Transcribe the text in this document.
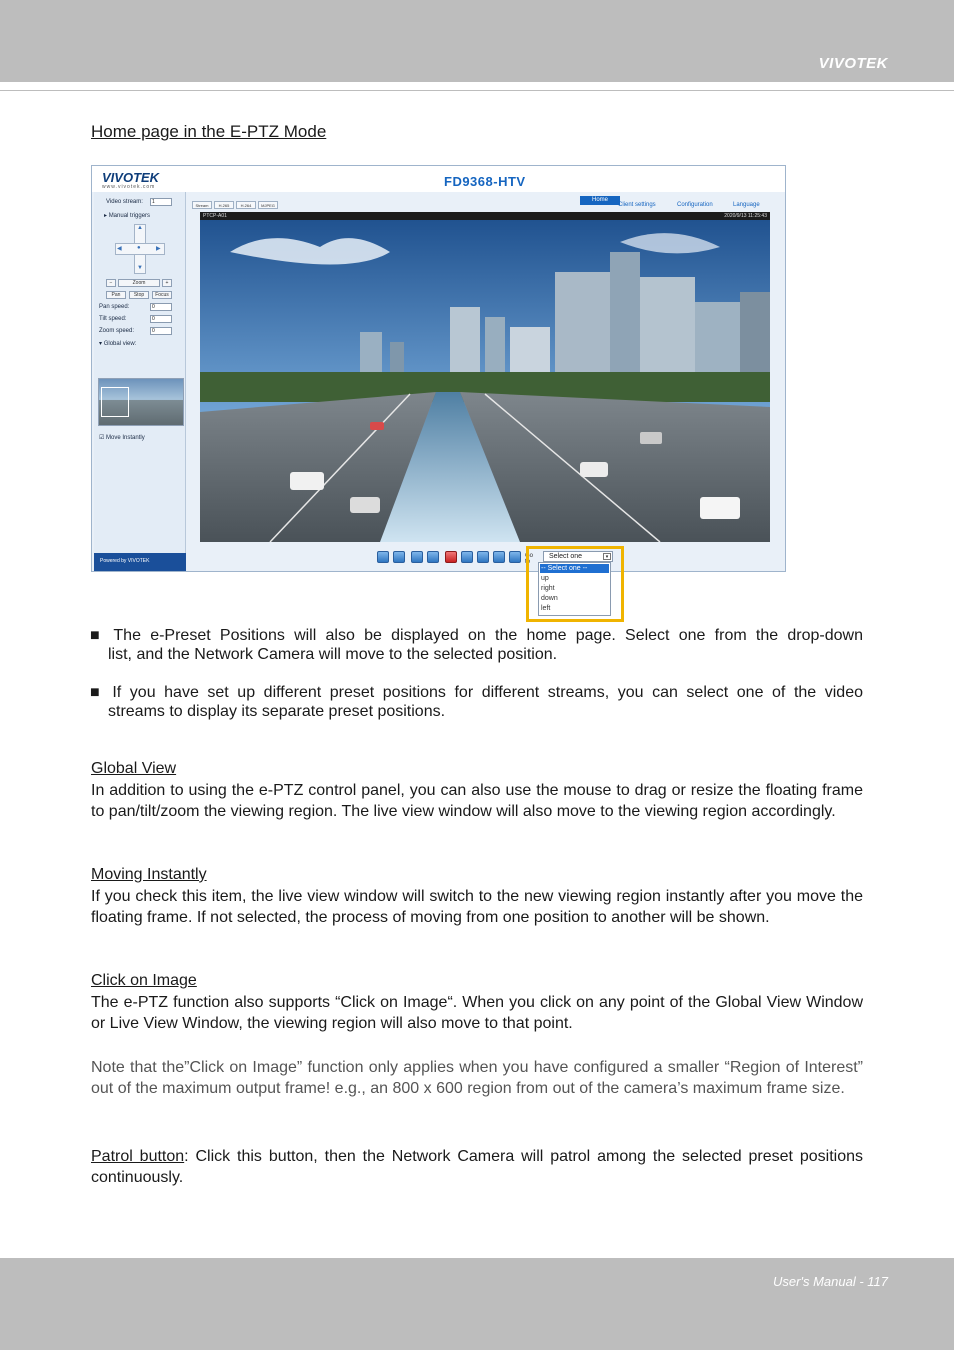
VIVOTEK
Home page in the E-PTZ Mode
VIVOTEK
www.vivotek.com	FD9368-HTV
Video stream:	1
▸ Manual triggers
▲
▼
◀	▶
●
−	Zoom	+
Pan	Stop	Focus
Pan speed:	0
Tilt speed:	0
Zoom speed:	0
▾ Global view:
☑ Move Instantly
Powered by VIVOTEK
Stream	H.265	H.264	MJPEG
Home
Client settings	Configuration	Language
PTCP-A01	2020/9/13 11:25:43
Go to
Select one	▾
-- Select one --
up
right
down
left
■ The e-Preset Positions will also be displayed on the home page. Select one from the drop-down
list, and the Network Camera will move to the selected position.
■ If you have set up different preset positions for different streams, you can select one of the video
streams to display its separate preset positions.
Global View
In addition to using the e-PTZ control panel, you can also use the mouse to drag or resize the floating frame to pan/tilt/zoom the viewing region. The live view window will also move to the viewing region accordingly.
Moving Instantly
If you check this item, the live view window will switch to the new viewing region instantly after you move the floating frame. If not selected, the process of moving from one position to another will be shown.
Click on Image
The e-PTZ function also supports “Click on Image“. When you click on any point of the Global View Window or Live View Window, the viewing region will also move to that point.
Note that the”Click on Image” function only applies when you have configured a smaller “Region of Interest” out of the maximum output frame! e.g., an 800 x 600 region from out of the camera’s maximum frame size.
Patrol button: Click this button, then the Network Camera will patrol among the selected preset positions continuously.
User's Manual - 117
